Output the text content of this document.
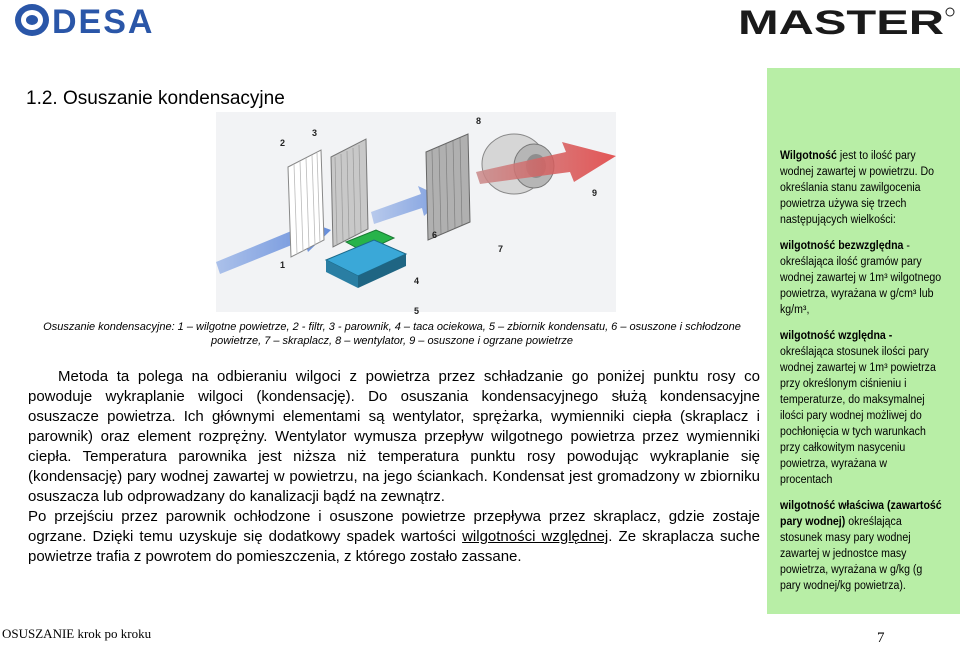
DESA	MASTER
1.2. Osuszanie kondensacyjne
2
3
8
9
6
7
1
4
5
Osuszanie kondensacyjne: 1 – wilgotne powietrze, 2 - filtr, 3 - parownik, 4 – taca ociekowa, 5 – zbiornik kondensatu, 6 – osuszone i schłodzone powietrze, 7 – skraplacz, 8 – wentylator, 9 – osuszone i ogrzane powietrze

Metoda ta polega na odbieraniu wilgoci z powietrza przez schładzanie go poniżej punktu rosy co powoduje wykraplanie wilgoci (kondensację). Do osuszania kondensacyjnego służą kondensacyjne osuszacze powietrza. Ich głównymi elementami są wentylator, sprężarka, wymienniki ciepła (skraplacz i parownik) oraz element rozprężny. Wentylator wymusza przepływ wilgotnego powietrza przez wymienniki ciepła. Temperatura parownika jest niższa niż temperatura punktu rosy powodując wykraplanie się (kondensację) pary wodnej zawartej w powietrzu, na jego ściankach. Kondensat jest gromadzony w zbiorniku osuszacza lub odprowadzany do kanalizacji bądź na zewnątrz.

Po przejściu przez parownik ochłodzone i osuszone powietrze przepływa przez skraplacz, gdzie zostaje ogrzane. Dzięki temu uzyskuje się dodatkowy spadek wartości wilgotności względnej. Ze skraplacza suche powietrze trafia z powrotem do pomieszczenia, z którego zostało zassane.

Wilgotność jest to ilość pary wodnej zawartej w powietrzu. Do określania stanu zawilgocenia powietrza używa się trzech następujących wielkości:
wilgotność bezwzględna - określająca ilość gramów pary wodnej zawartej w 1m³ wilgotnego powietrza, wyrażana w g/cm³ lub kg/m³,
wilgotność względna - określająca stosunek ilości pary wodnej zawartej w 1m³ powietrza przy określonym ciśnieniu i temperaturze, do maksymalnej ilości pary wodnej możliwej do pochłonięcia w tych warunkach przy całkowitym nasyceniu powietrza, wyrażana w procentach
wilgotność właściwa (zawartość pary wodnej) określająca stosunek masy pary wodnej zawartej w jednostce masy powietrza, wyrażana w g/kg (g pary wodnej/kg powietrza).
OSUSZANIE krok po kroku	7
